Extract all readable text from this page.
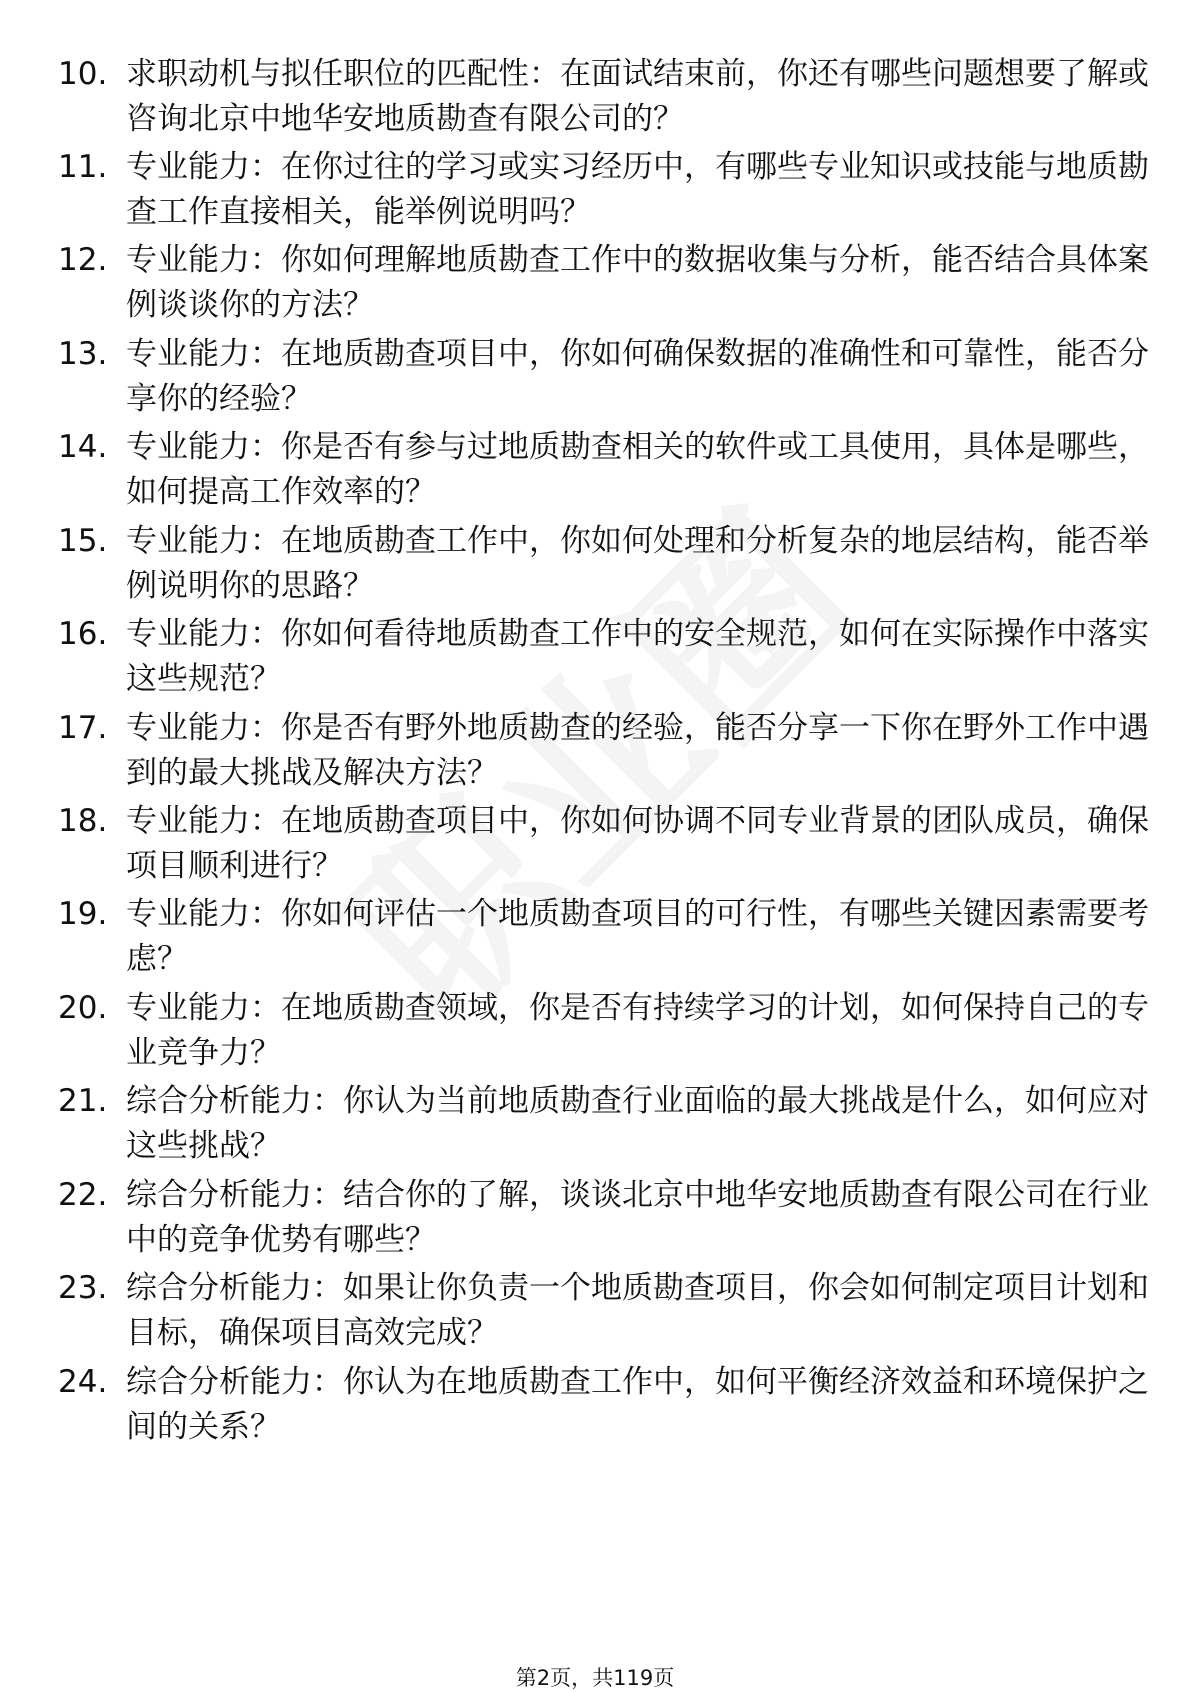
10. 求职动机与拟任职位的匹配性：在面试结束前，你还有哪些问题想要了解或咨询北京中地华安地质勘查有限公司的？
11. 专业能力：在你过往的学习或实习经历中，有哪些专业知识或技能与地质勘查工作直接相关，能举例说明吗？
12. 专业能力：你如何理解地质勘查工作中的数据收集与分析，能否结合具体案例谈谈你的方法？
13. 专业能力：在地质勘查项目中，你如何确保数据的准确性和可靠性，能否分享你的经验？
14. 专业能力：你是否有参与过地质勘查相关的软件或工具使用，具体是哪些，如何提高工作效率的？
15. 专业能力：在地质勘查工作中，你如何处理和分析复杂的地层结构，能否举例说明你的思路？
16. 专业能力：你如何看待地质勘查工作中的安全规范，如何在实际操作中落实这些规范？
17. 专业能力：你是否有野外地质勘查的经验，能否分享一下你在野外工作中遇到的最大挑战及解决方法？
18. 专业能力：在地质勘查项目中，你如何协调不同专业背景的团队成员，确保项目顺利进行？
19. 专业能力：你如何评估一个地质勘查项目的可行性，有哪些关键因素需要考虑？
20. 专业能力：在地质勘查领域，你是否有持续学习的计划，如何保持自己的专业竞争力？
21. 综合分析能力：你认为当前地质勘查行业面临的最大挑战是什么，如何应对这些挑战？
22. 综合分析能力：结合你的了解，谈谈北京中地华安地质勘查有限公司在行业中的竞争优势有哪些？
23. 综合分析能力：如果让你负责一个地质勘查项目，你会如何制定项目计划和目标，确保项目高效完成？
24. 综合分析能力：你认为在地质勘查工作中，如何平衡经济效益和环境保护之间的关系？
第2页，共119页
